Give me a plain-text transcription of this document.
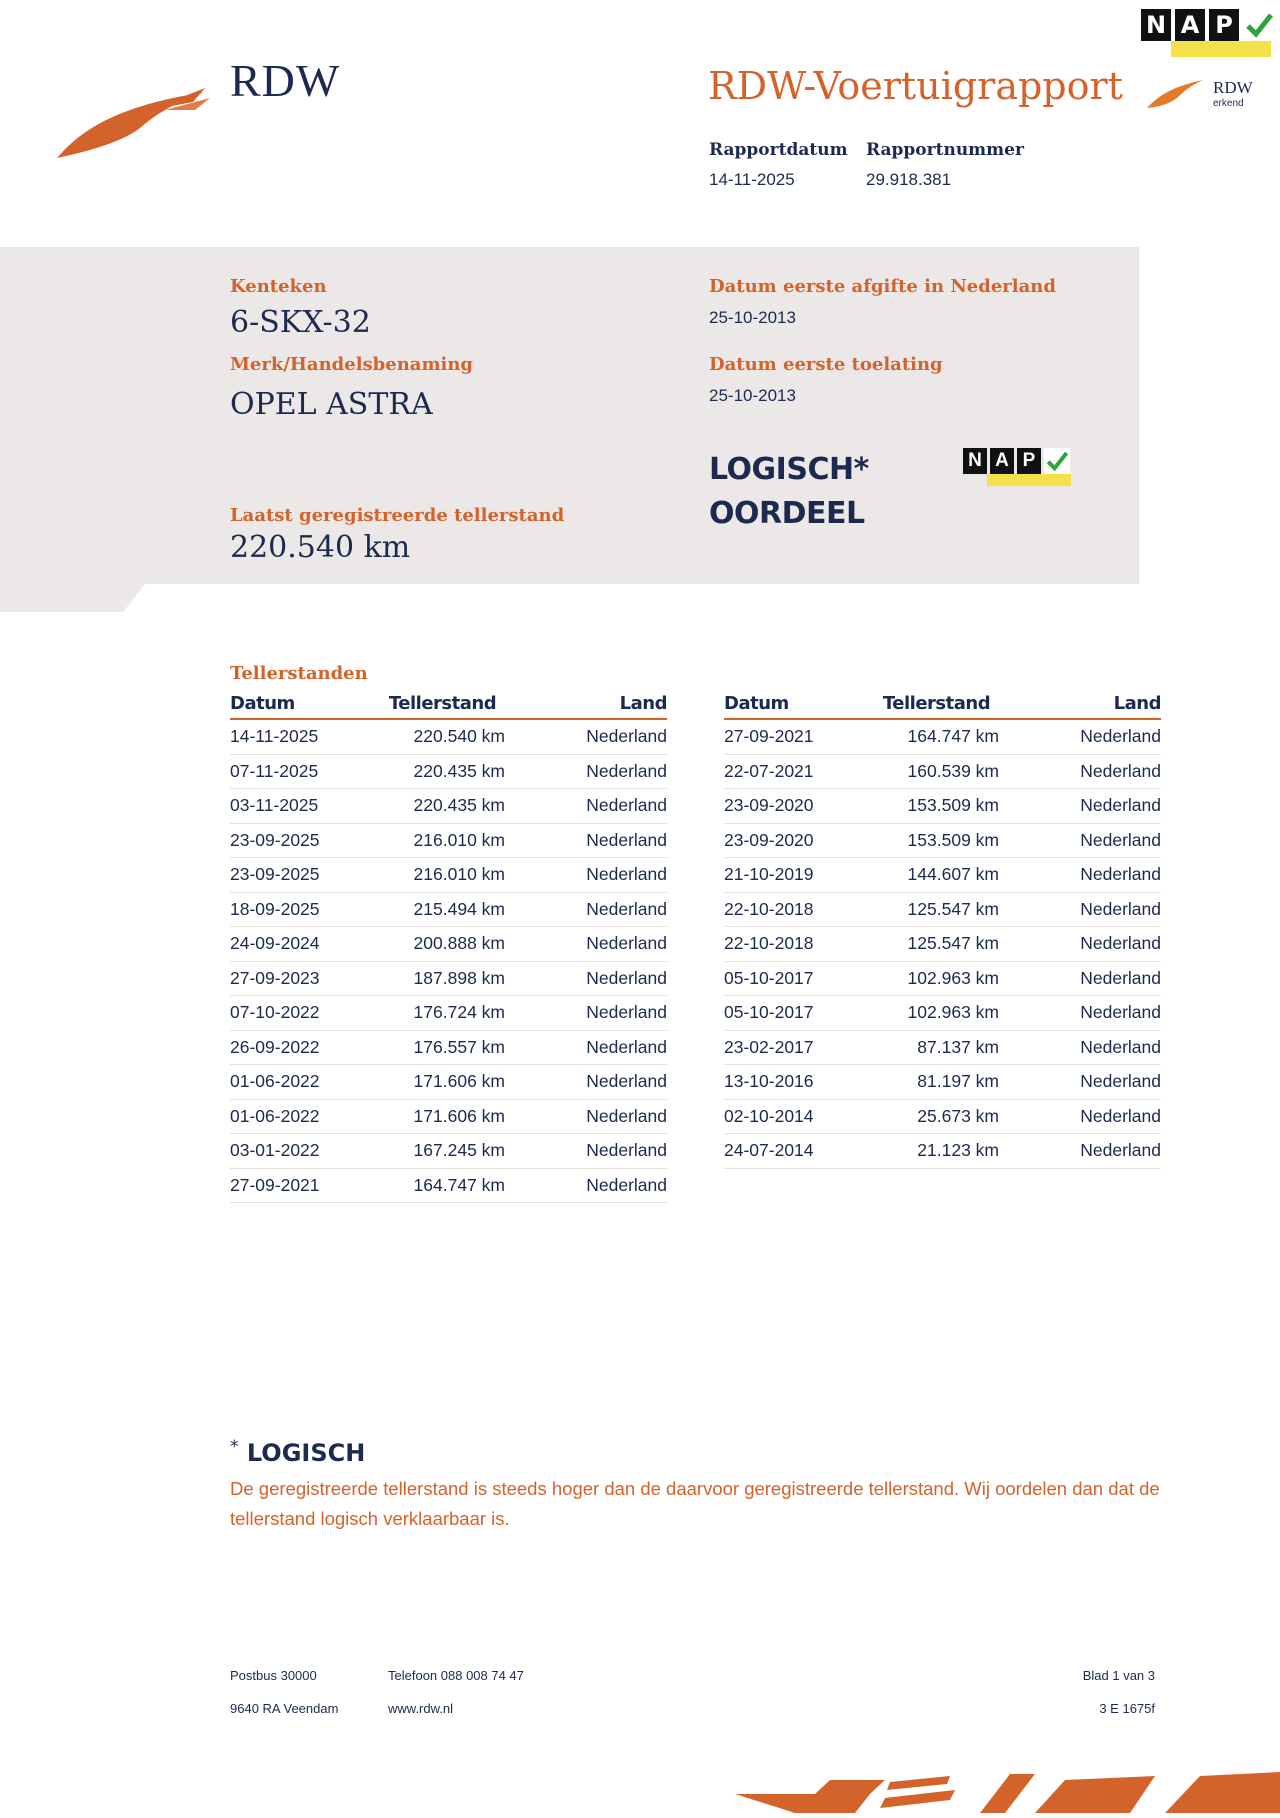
RDW	RDW-Voertuigrapport
N A P
RDW
erkend
Rapportdatum
14-11-2025
Rapportnummer
29.918.381
Kenteken
6-SKX-32
Merk/Handelsbenaming
OPEL ASTRA
Laatst geregistreerde tellerstand
220.540 km
Datum eerste afgifte in Nederland
25-10-2013
Datum eerste toelating
25-10-2013
LOGISCH*
OORDEEL
N A P
Tellerstanden
Datum	Tellerstand	Land
14-11-2025	220.540 km	Nederland
07-11-2025	220.435 km	Nederland
03-11-2025	220.435 km	Nederland
23-09-2025	216.010 km	Nederland
23-09-2025	216.010 km	Nederland
18-09-2025	215.494 km	Nederland
24-09-2024	200.888 km	Nederland
27-09-2023	187.898 km	Nederland
07-10-2022	176.724 km	Nederland
26-09-2022	176.557 km	Nederland
01-06-2022	171.606 km	Nederland
01-06-2022	171.606 km	Nederland
03-01-2022	167.245 km	Nederland
27-09-2021	164.747 km	Nederland
Datum	Tellerstand	Land
27-09-2021	164.747 km	Nederland
22-07-2021	160.539 km	Nederland
23-09-2020	153.509 km	Nederland
23-09-2020	153.509 km	Nederland
21-10-2019	144.607 km	Nederland
22-10-2018	125.547 km	Nederland
22-10-2018	125.547 km	Nederland
05-10-2017	102.963 km	Nederland
05-10-2017	102.963 km	Nederland
23-02-2017	87.137 km	Nederland
13-10-2016	81.197 km	Nederland
02-10-2014	25.673 km	Nederland
24-07-2014	21.123 km	Nederland
* LOGISCH
De geregistreerde tellerstand is steeds hoger dan de daarvoor geregistreerde tellerstand. Wij oordelen dan dat de tellerstand logisch verklaarbaar is.
Postbus 30000
9640 RA Veendam
Telefoon 088 008 74 47
www.rdw.nl
Blad 1 van 3
3 E 1675f
